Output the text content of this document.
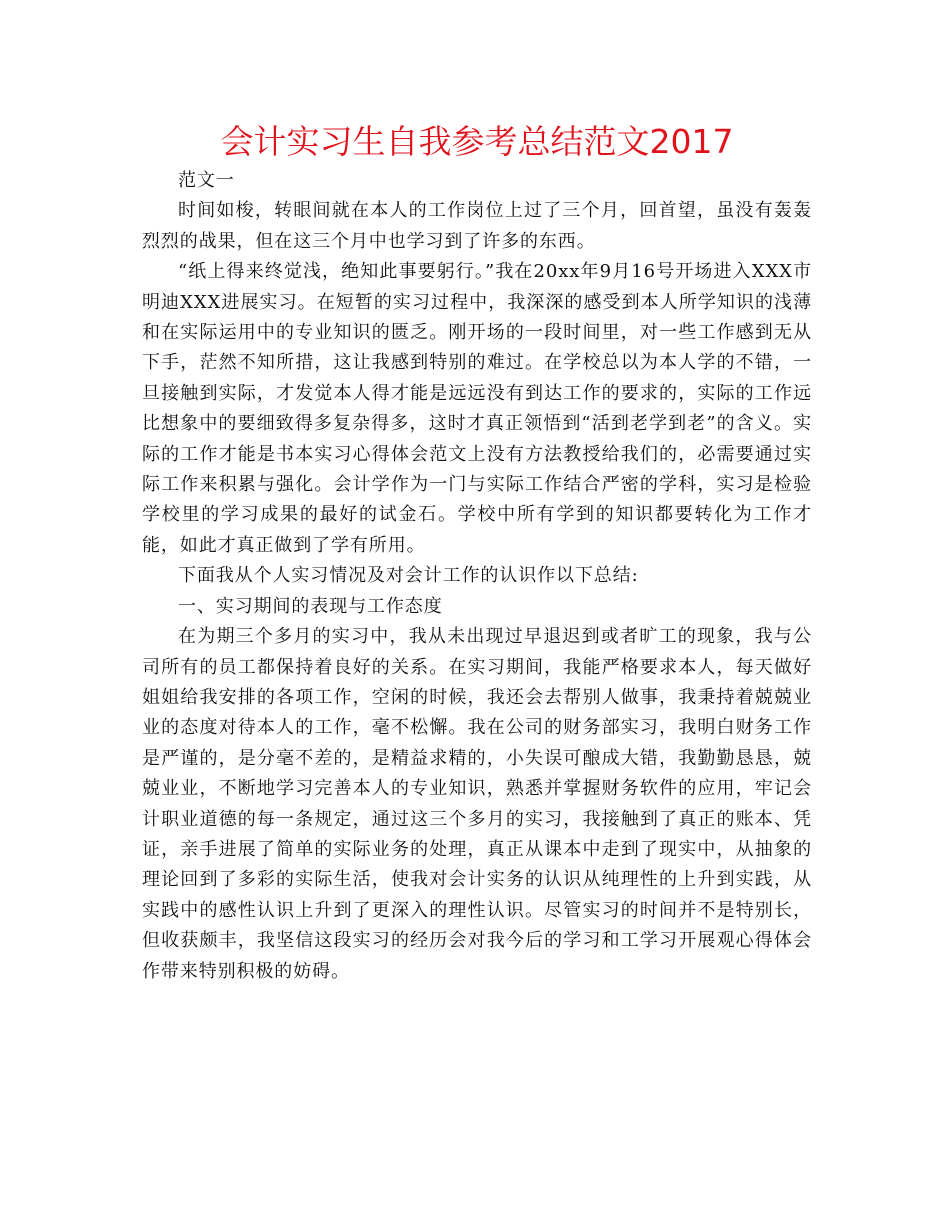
会计实习生自我参考总结范文2017

范文一

时间如梭，转眼间就在本人的工作岗位上过了三个月，回首望，虽没有轰轰烈烈的战果，但在这三个月中也学习到了许多的东西。

“纸上得来终觉浅，绝知此事要躬行。”我在20xx年9月16号开场进入XXX市明迪XXX进展实习。在短暂的实习过程中，我深深的感受到本人所学知识的浅薄和在实际运用中的专业知识的匮乏。刚开场的一段时间里，对一些工作感到无从下手，茫然不知所措，这让我感到特别的难过。在学校总以为本人学的不错，一旦接触到实际，才发觉本人得才能是远远没有到达工作的要求的，实际的工作远比想象中的要细致得多复杂得多，这时才真正领悟到“活到老学到老”的含义。实际的工作才能是书本实习心得体会范文上没有方法教授给我们的，必需要通过实际工作来积累与强化。会计学作为一门与实际工作结合严密的学科，实习是检验学校里的学习成果的最好的试金石。学校中所有学到的知识都要转化为工作才能，如此才真正做到了学有所用。

下面我从个人实习情况及对会计工作的认识作以下总结:

一、实习期间的表现与工作态度

在为期三个多月的实习中，我从未出现过早退迟到或者旷工的现象，我与公司所有的员工都保持着良好的关系。在实习期间，我能严格要求本人，每天做好姐姐给我安排的各项工作，空闲的时候，我还会去帮别人做事，我秉持着兢兢业业的态度对待本人的工作，毫不松懈。我在公司的财务部实习，我明白财务工作是严谨的，是分毫不差的，是精益求精的，小失误可酿成大错，我勤勤恳恳，兢兢业业，不断地学习完善本人的专业知识，熟悉并掌握财务软件的应用，牢记会计职业道德的每一条规定，通过这三个多月的实习，我接触到了真正的账本、凭证，亲手进展了简单的实际业务的处理，真正从课本中走到了现实中，从抽象的理论回到了多彩的实际生活，使我对会计实务的认识从纯理性的上升到实践，从实践中的感性认识上升到了更深入的理性认识。尽管实习的时间并不是特别长，但收获颇丰，我坚信这段实习的经历会对我今后的学习和工学习开展观心得体会作带来特别积极的妨碍。
